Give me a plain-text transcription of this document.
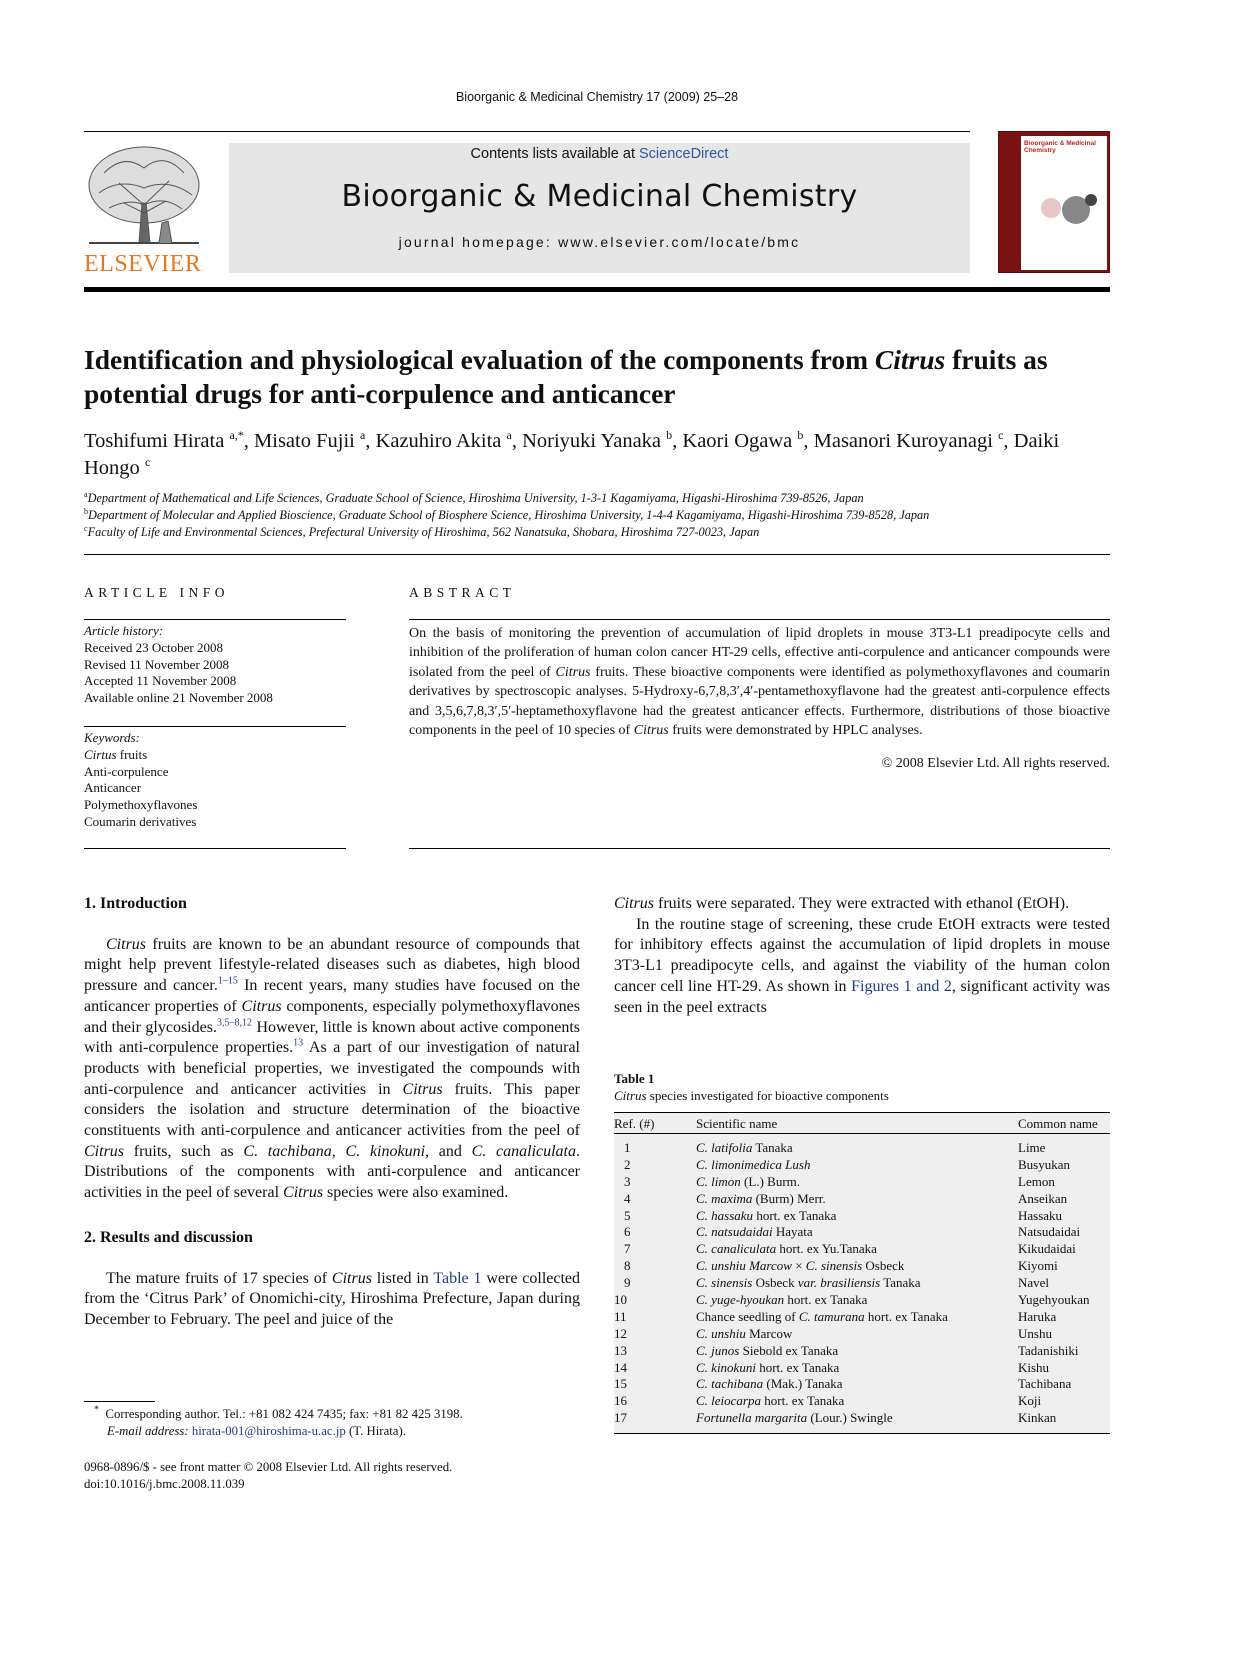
Bioorganic & Medicinal Chemistry 17 (2009) 25–28
ELSEVIER
Contents lists available at ScienceDirect
Bioorganic & Medicinal Chemistry
journal homepage: www.elsevier.com/locate/bmc
Bioorganic & Medicinal Chemistry
Identification and physiological evaluation of the components from Citrus fruits as potential drugs for anti-corpulence and anticancer
Toshifumi Hirata $^{a,*}$, Misato Fujii $^a$, Kazuhiro Akita $^a$, Noriyuki Yanaka $^b$, Kaori Ogawa $^b$, Masanori Kuroyanagi $^c$, Daiki Hongo $^c$
$^a$Department of Mathematical and Life Sciences, Graduate School of Science, Hiroshima University, 1-3-1 Kagamiyama, Higashi-Hiroshima 739-8526, Japan
$^b$Department of Molecular and Applied Bioscience, Graduate School of Biosphere Science, Hiroshima University, 1-4-4 Kagamiyama, Higashi-Hiroshima 739-8528, Japan
$^c$Faculty of Life and Environmental Sciences, Prefectural University of Hiroshima, 562 Nanatsuka, Shobara, Hiroshima 727-0023, Japan
ARTICLE INFO
Article history:
Received 23 October 2008
Revised 11 November 2008
Accepted 11 November 2008
Available online 21 November 2008
Keywords:
Cirtus fruits
Anti-corpulence
Anticancer
Polymethoxyflavones
Coumarin derivatives
ABSTRACT
On the basis of monitoring the prevention of accumulation of lipid droplets in mouse 3T3-L1 preadipocyte cells and inhibition of the proliferation of human colon cancer HT-29 cells, effective anti-corpulence and anticancer compounds were isolated from the peel of Citrus fruits. These bioactive components were identified as polymethoxyflavones and coumarin derivatives by spectroscopic analyses. 5-Hydroxy-6,7,8,3′,4′-pentamethoxyflavone had the greatest anti-corpulence effects and 3,5,6,7,8,3′,5′-heptamethoxyflavone had the greatest anticancer effects. Furthermore, distributions of those bioactive components in the peel of 10 species of Citrus fruits were demonstrated by HPLC analyses.
© 2008 Elsevier Ltd. All rights reserved.
1. Introduction

Citrus fruits are known to be an abundant resource of compounds that might help prevent lifestyle-related diseases such as diabetes, high blood pressure and cancer.$^{1-15}$ In recent years, many studies have focused on the anticancer properties of Citrus components, especially polymethoxyflavones and their glycosides.$^{3,5-8,12}$ However, little is known about active components with anti-corpulence properties.$^{13}$ As a part of our investigation of natural products with beneficial properties, we investigated the compounds with anti-corpulence and anticancer activities in Citrus fruits. This paper considers the isolation and structure determination of the bioactive constituents with anti-corpulence and anticancer activities from the peel of Citrus fruits, such as C. tachibana, C. kinokuni, and C. canaliculata. Distributions of the components with anti-corpulence and anticancer activities in the peel of several Citrus species were also examined.

2. Results and discussion

The mature fruits of 17 species of Citrus listed in Table 1 were collected from the ‘Citrus Park’ of Onomichi-city, Hiroshima Prefecture, Japan during December to February. The peel and juice of the

Citrus fruits were separated. They were extracted with ethanol (EtOH).

In the routine stage of screening, these crude EtOH extracts were tested for inhibitory effects against the accumulation of lipid droplets in mouse 3T3-L1 preadipocyte cells, and against the viability of the human colon cancer cell line HT-29. As shown in Figures 1 and 2, significant activity was seen in the peel extracts

Table 1
Citrus species investigated for bioactive components
Ref. (#)	Scientific name	Common name
1	C. latifolia Tanaka	Lime
2	C. limonimedica Lush	Busyukan
3	C. limon (L.) Burm.	Lemon
4	C. maxima (Burm) Merr.	Anseikan
5	C. hassaku hort. ex Tanaka	Hassaku
6	C. natsudaidai Hayata	Natsudaidai
7	C. canaliculata hort. ex Yu.Tanaka	Kikudaidai
8	C. unshiu Marcow × C. sinensis Osbeck	Kiyomi
9	C. sinensis Osbeck var. brasiliensis Tanaka	Navel
10	C. yuge-hyoukan hort. ex Tanaka	Yugehyoukan
11	Chance seedling of C. tamurana hort. ex Tanaka	Haruka
12	C. unshiu Marcow	Unshu
13	C. junos Siebold ex Tanaka	Tadanishiki
14	C. kinokuni hort. ex Tanaka	Kishu
15	C. tachibana (Mak.) Tanaka	Tachibana
16	C. leiocarpa hort. ex Tanaka	Koji
17	Fortunella margarita (Lour.) Swingle	Kinkan
* Corresponding author. Tel.: +81 082 424 7435; fax: +81 82 425 3198.
E-mail address: hirata-001@hiroshima-u.ac.jp (T. Hirata).
0968-0896/$ - see front matter © 2008 Elsevier Ltd. All rights reserved.
doi:10.1016/j.bmc.2008.11.039
